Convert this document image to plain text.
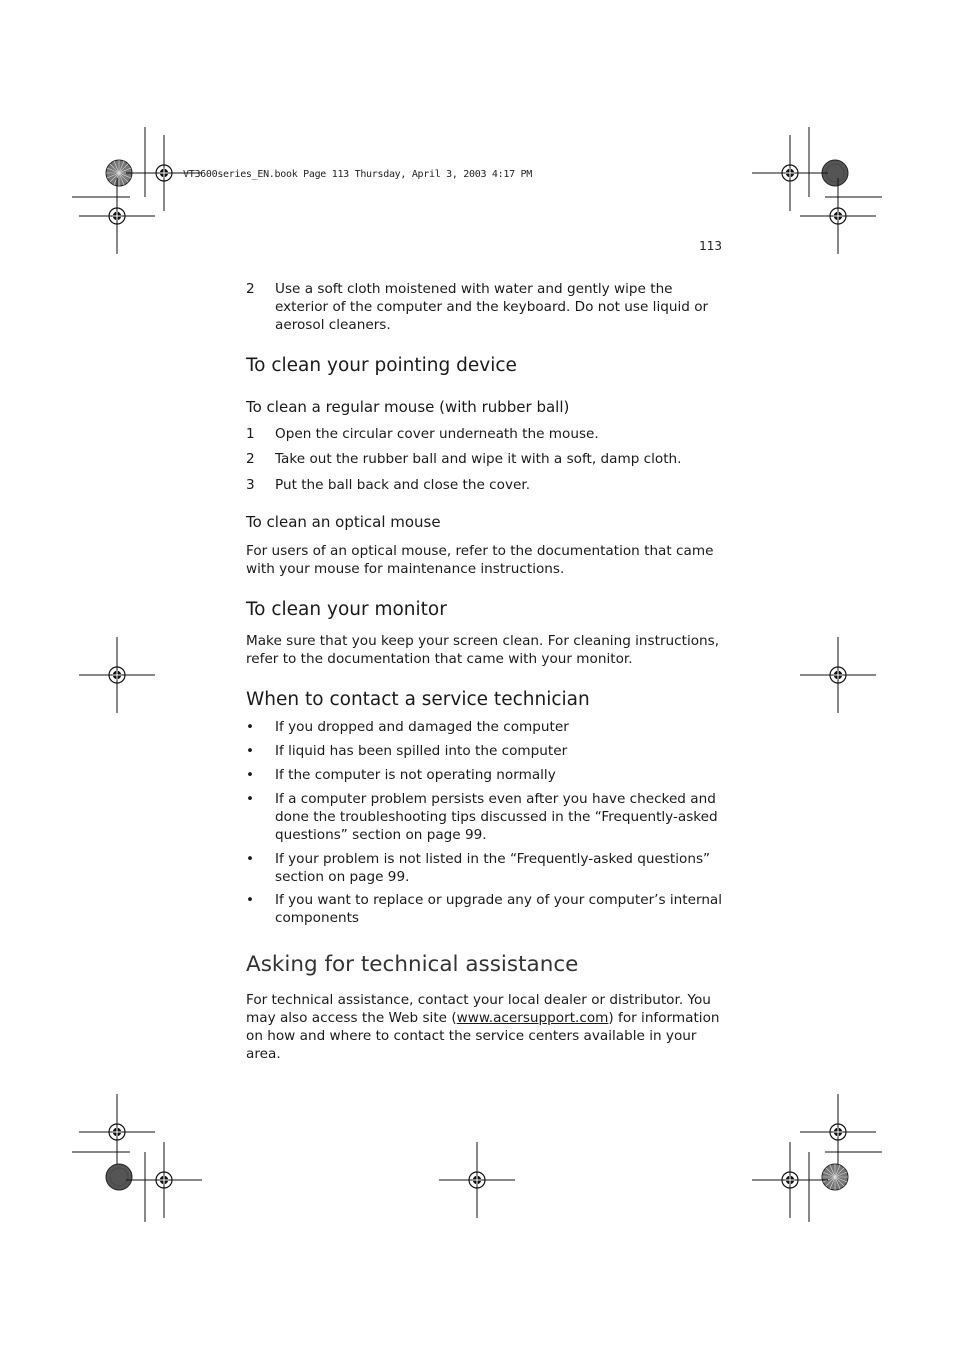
VT3600series_EN.book Page 113 Thursday, April 3, 2003 4:17 PM
113
2 Use a soft cloth moistened with water and gently wipe the exterior of the computer and the keyboard. Do not use liquid or aerosol cleaners.
To clean your pointing device
To clean a regular mouse (with rubber ball)
1 Open the circular cover underneath the mouse.
2 Take out the rubber ball and wipe it with a soft, damp cloth.
3 Put the ball back and close the cover.
To clean an optical mouse
For users of an optical mouse, refer to the documentation that came with your mouse for maintenance instructions.
To clean your monitor
Make sure that you keep your screen clean. For cleaning instructions, refer to the documentation that came with your monitor.
When to contact a service technician
• If you dropped and damaged the computer
• If liquid has been spilled into the computer
• If the computer is not operating normally
• If a computer problem persists even after you have checked and done the troubleshooting tips discussed in the “Frequently-asked questions” section on page 99.
• If your problem is not listed in the “Frequently-asked questions” section on page 99.
• If you want to replace or upgrade any of your computer’s internal components
Asking for technical assistance
For technical assistance, contact your local dealer or distributor. You may also access the Web site (www.acersupport.com) for information on how and where to contact the service centers available in your area.
